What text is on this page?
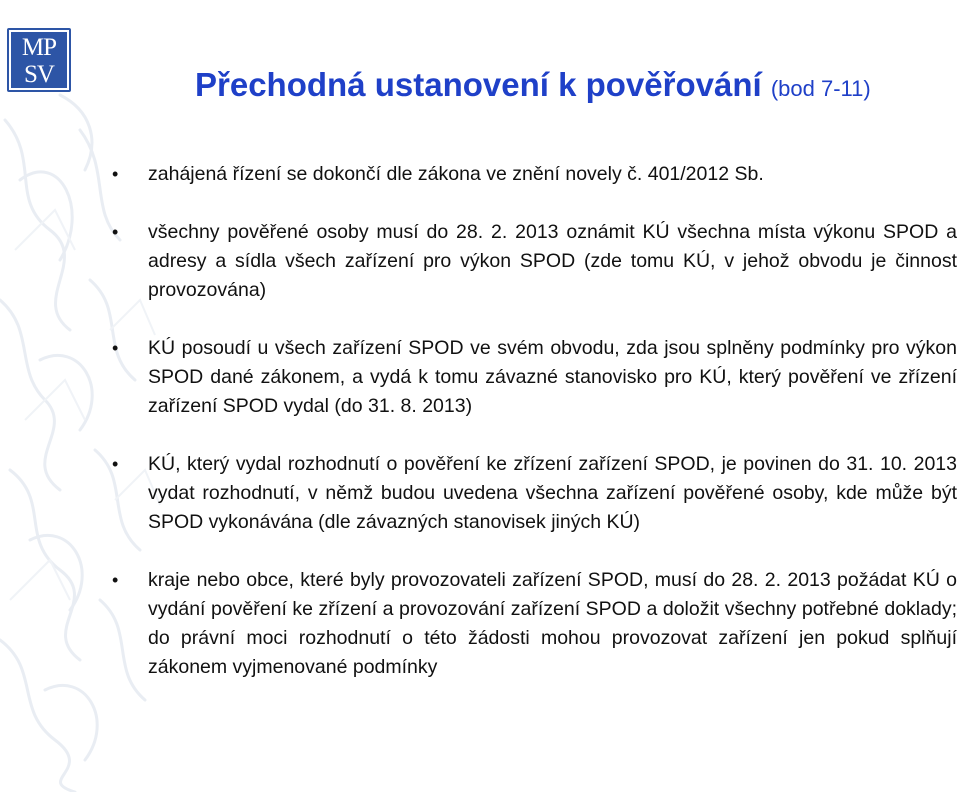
MP
SV	Přechodná ustanovení k pověřování (bod 7-11)
• zahájená řízení se dokončí dle zákona ve znění novely č. 401/2012 Sb.
• všechny pověřené osoby musí do 28. 2. 2013 oznámit KÚ všechna místa výkonu SPOD a adresy a sídla všech zařízení pro výkon SPOD (zde tomu KÚ, v jehož obvodu je činnost provozována)
• KÚ posoudí u všech zařízení SPOD ve svém obvodu, zda jsou splněny podmínky pro výkon SPOD dané zákonem, a vydá k tomu závazné stanovisko pro KÚ, který pověření ve zřízení zařízení SPOD vydal (do 31. 8. 2013)
• KÚ, který vydal rozhodnutí o pověření ke zřízení zařízení SPOD, je povinen do 31. 10. 2013 vydat rozhodnutí, v němž budou uvedena všechna zařízení pověřené osoby, kde může být SPOD vykonávána (dle závazných stanovisek jiných KÚ)
• kraje nebo obce, které byly provozovateli zařízení SPOD, musí do 28. 2. 2013 požádat KÚ o vydání pověření ke zřízení a provozování zařízení SPOD a doložit všechny potřebné doklady; do právní moci rozhodnutí o této žádosti mohou provozovat zařízení jen pokud splňují zákonem vyjmenované podmínky
